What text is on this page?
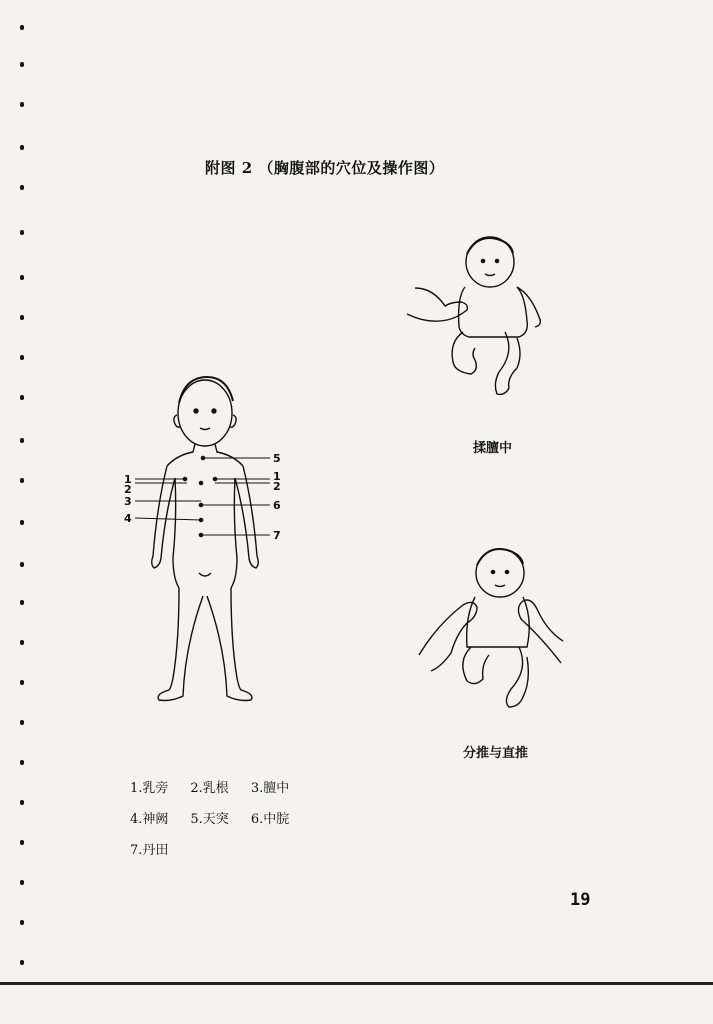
附图 2 （胸腹部的穴位及操作图）
1
2
3
4
5
1
2
6
7
揉膻中
分推与直推
1.乳旁 2.乳根 3.膻中
4.神阙 5.天突 6.中脘
7.丹田
19
